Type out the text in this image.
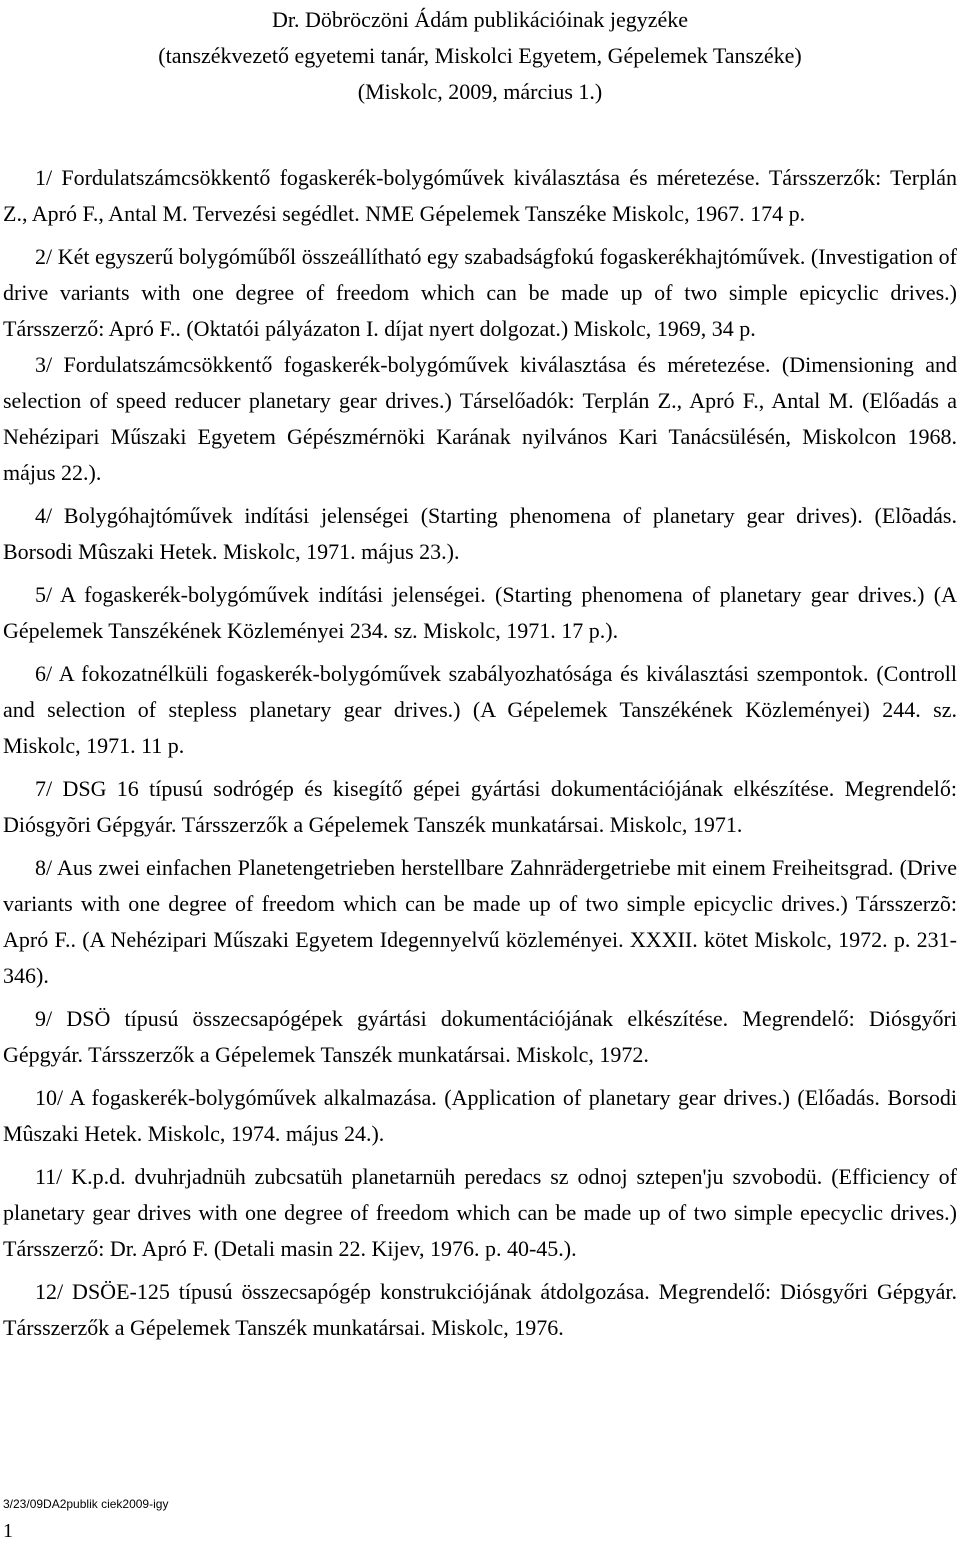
Dr. Döbröczöni Ádám publikációinak jegyzéke
(tanszékvezető egyetemi tanár, Miskolci Egyetem, Gépelemek Tanszéke)
(Miskolc, 2009, március 1.)

1/ Fordulatszámcsökkentő fogaskerék-bolygóművek kiválasztása és méretezése. Társszerzők: Terplán Z., Apró F., Antal M. Tervezési segédlet. NME Gépelemek Tanszéke Miskolc, 1967. 174 p.

2/ Két egyszerű bolygóműből összeállítható egy szabadságfokú fogaskerékhajtóművek. (Investigation of drive variants with one degree of freedom which can be made up of two simple epicyclic drives.) Társszerző: Apró F.. (Oktatói pályázaton I. díjat nyert dolgozat.) Miskolc, 1969, 34 p.

3/ Fordulatszámcsökkentő fogaskerék-bolygóművek kiválasztása és méretezése. (Dimensioning and selection of speed reducer planetary gear drives.) Társelőadók: Terplán Z., Apró F., Antal M. (Előadás a Nehézipari Műszaki Egyetem Gépészmérnöki Karának nyilvános Kari Tanácsülésén, Miskolcon 1968. május 22.).

4/ Bolygóhajtóművek indítási jelenségei (Starting phenomena of planetary gear drives). (Elõadás. Borsodi Mûszaki Hetek. Miskolc, 1971. május 23.).

5/ A fogaskerék-bolygóművek indítási jelenségei. (Starting phenomena of planetary gear drives.) (A Gépelemek Tanszékének Közleményei 234. sz. Miskolc, 1971. 17 p.).

6/ A fokozatnélküli fogaskerék-bolygóművek szabályozhatósága és kiválasztási szempontok. (Controll and selection of stepless planetary gear drives.) (A Gépelemek Tanszékének Közleményei) 244. sz. Miskolc, 1971. 11 p.

7/ DSG 16 típusú sodrógép és kisegítő gépei gyártási dokumentációjának elkészítése. Megrendelő: Diósgyõri Gépgyár. Társszerzők a Gépelemek Tanszék munkatársai. Miskolc, 1971.

8/ Aus zwei einfachen Planetengetrieben herstellbare Zahnrädergetriebe mit einem Freiheitsgrad. (Drive variants with one degree of freedom which can be made up of two simple epicyclic drives.) Társszerzõ: Apró F.. (A Nehézipari Műszaki Egyetem Idegennyelvű közleményei. XXXII. kötet Miskolc, 1972. p. 231-346).

9/ DSÖ típusú összecsapógépek gyártási dokumentációjának elkészítése. Megrendelő: Diósgyőri Gépgyár. Társszerzők a Gépelemek Tanszék munkatársai. Miskolc, 1972.

10/ A fogaskerék-bolygóművek alkalmazása. (Application of planetary gear drives.) (Előadás. Borsodi Mûszaki Hetek. Miskolc, 1974. május 24.).

11/ K.p.d. dvuhrjadnüh zubcsatüh planetarnüh peredacs sz odnoj sztepen'ju szvobodü. (Efficiency of planetary gear drives with one degree of freedom which can be made up of two simple epecyclic drives.) Társszerző: Dr. Apró F. (Detali masin 22. Kijev, 1976. p. 40-45.).

12/ DSÖE-125 típusú összecsapógép konstrukciójának átdolgozása. Megrendelő: Diósgyőri Gépgyár. Társszerzők a Gépelemek Tanszék munkatársai. Miskolc, 1976.

3/23/09DA2publik ciek2009-igy
1
